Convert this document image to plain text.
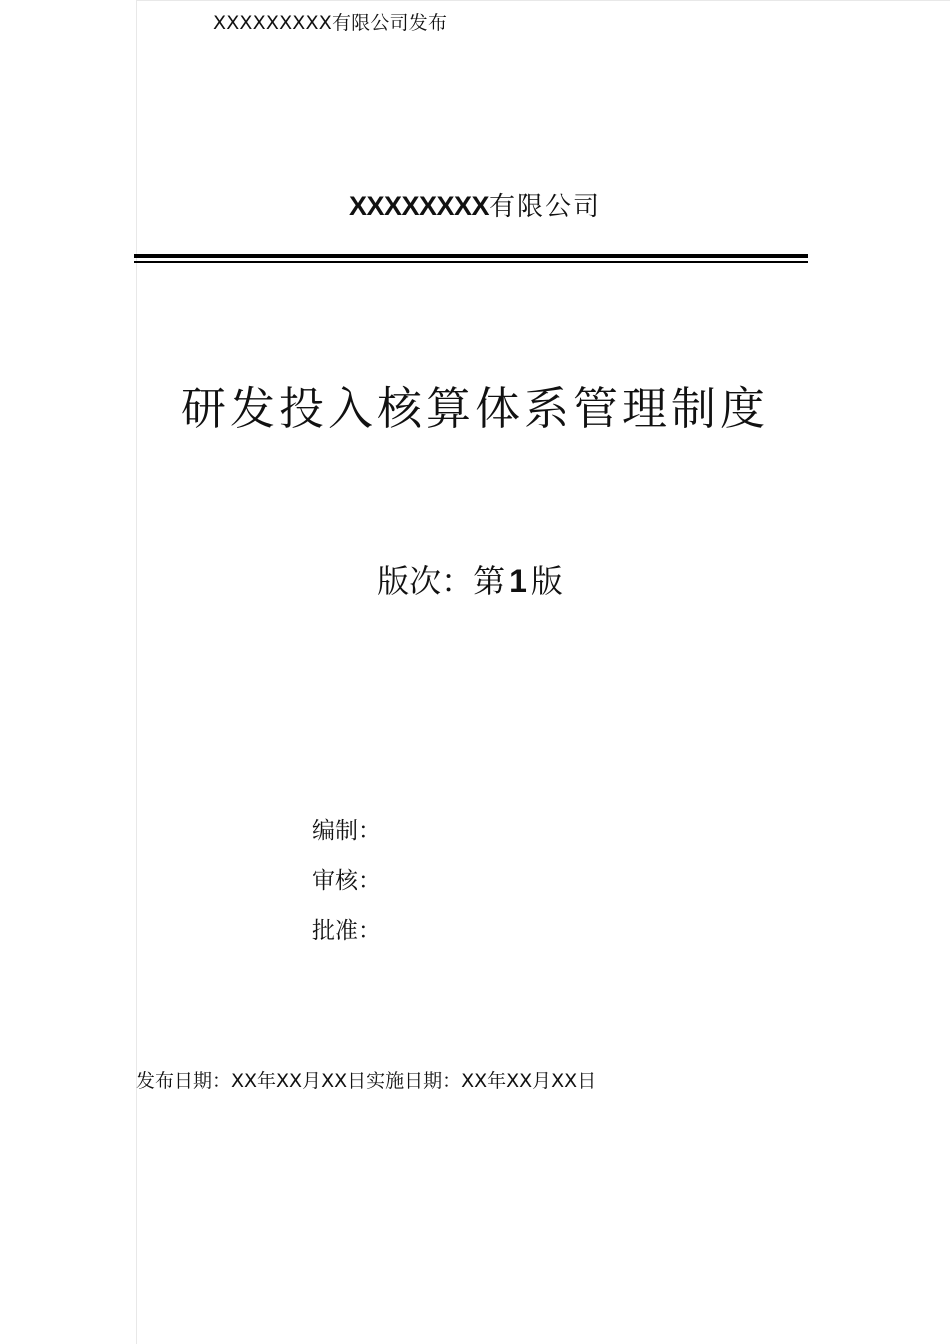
XXXXXXXXX有限公司发布
XXXXXXXX有限公司
研发投入核算体系管理制度
版次：第 1 版
编制：
审核：
批准：
发布日期：XX年XX月XX日实施日期：XX年XX月XX日
